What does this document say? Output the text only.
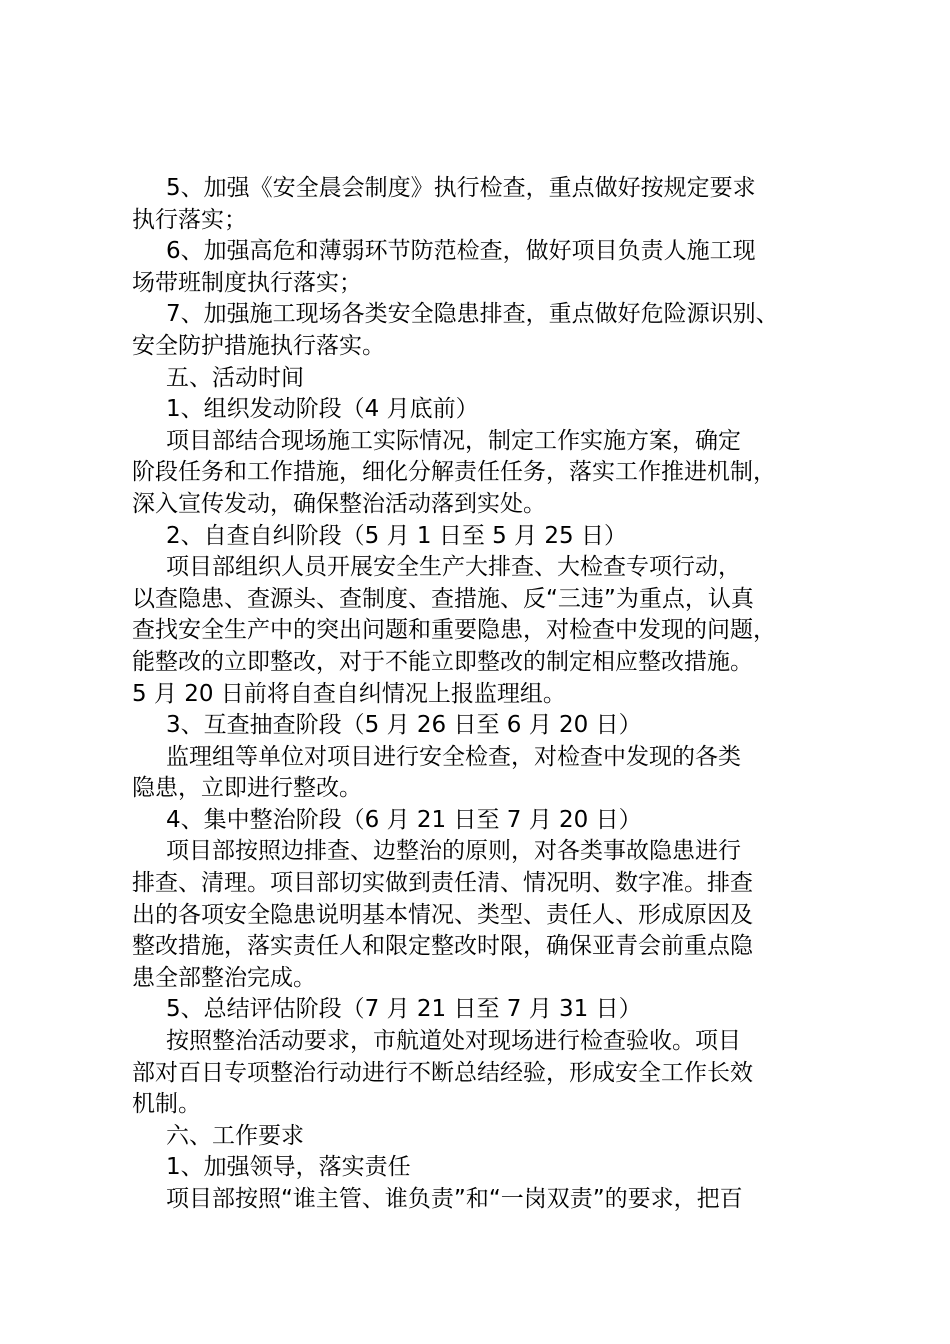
5、加强《安全晨会制度》执行检查，重点做好按规定要求

执行落实；

6、加强高危和薄弱环节防范检查，做好项目负责人施工现

场带班制度执行落实；

7、加强施工现场各类安全隐患排查，重点做好危险源识别、

安全防护措施执行落实。

五、活动时间

1、组织发动阶段（4 月底前）

项目部结合现场施工实际情况，制定工作实施方案，确定

阶段任务和工作措施，细化分解责任任务，落实工作推进机制，

深入宣传发动，确保整治活动落到实处。

2、自查自纠阶段（5 月 1 日至 5 月 25 日）

项目部组织人员开展安全生产大排查、大检查专项行动，

以查隐患、查源头、查制度、查措施、反“三违”为重点，认真

查找安全生产中的突出问题和重要隐患，对检查中发现的问题，

能整改的立即整改，对于不能立即整改的制定相应整改措施。

5 月 20 日前将自查自纠情况上报监理组。

3、互查抽查阶段（5 月 26 日至 6 月 20 日）

监理组等单位对项目进行安全检查，对检查中发现的各类

隐患，立即进行整改。

4、集中整治阶段（6 月 21 日至 7 月 20 日）

项目部按照边排查、边整治的原则，对各类事故隐患进行

排查、清理。项目部切实做到责任清、情况明、数字准。排查

出的各项安全隐患说明基本情况、类型、责任人、形成原因及

整改措施，落实责任人和限定整改时限，确保亚青会前重点隐

患全部整治完成。

5、总结评估阶段（7 月 21 日至 7 月 31 日）

按照整治活动要求，市航道处对现场进行检查验收。项目

部对百日专项整治行动进行不断总结经验，形成安全工作长效

机制。

六、工作要求

1、加强领导，落实责任

项目部按照“谁主管、谁负责”和“一岗双责”的要求，把百
